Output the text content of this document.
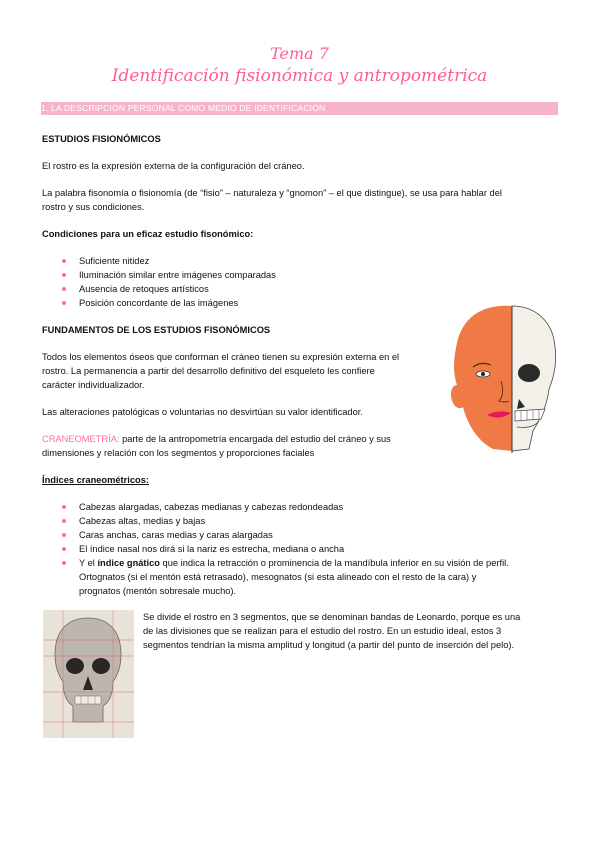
Tema 7
Identificación fisionómica y antropométrica
1. LA DESCRIPCIÓN PERSONAL COMO MEDIO DE IDENTIFICACIÓN
ESTUDIOS FISIONÓMICOS
El rostro es la expresión externa de la configuración del cráneo.
La palabra fisonomía o fisionomía (de “fisio” – naturaleza y “gnomon” – el que distingue), se usa para hablar del
rostro y sus condiciones.
Condiciones para un eficaz estudio fisonómico:
Suficiente nitidez
Iluminación similar entre imágenes comparadas
Ausencia de retoques artísticos
Posición concordante de las imágenes
FUNDAMENTOS DE LOS ESTUDIOS FISONÓMICOS
Todos los elementos óseos que conforman el cráneo tienen su expresión externa en el
rostro. La permanencia a partir del desarrollo definitivo del esqueleto les confiere
carácter individualizador.
Las alteraciones patológicas o voluntarias no desvirtúan su valor identificador.
CRANEOMETRÍA: parte de la antropometría encargada del estudio del cráneo y sus
dimensiones y relación con los segmentos y proporciones faciales
Índices craneométricos:
Cabezas alargadas, cabezas medianas y cabezas redondeadas
Cabezas altas, medias y bajas
Caras anchas, caras medias y caras alargadas
El índice nasal nos dirá si la nariz es estrecha, mediana o ancha
Y el índice gnático que indica la retracción o prominencia de la mandíbula inferior en su visión de perfil.
Ortognatos (si el mentón está retrasado), mesognatos (si esta alineado con el resto de la cara) y
prognatos (mentón sobresale mucho).
Se divide el rostro en 3 segmentos, que se denominan bandas de Leonardo, porque es una
de las divisiones que se realizan para el estudio del rostro. En un estudio ideal, estos 3
segmentos tendrían la misma amplitud y longitud (a partir del punto de inserción del pelo).
